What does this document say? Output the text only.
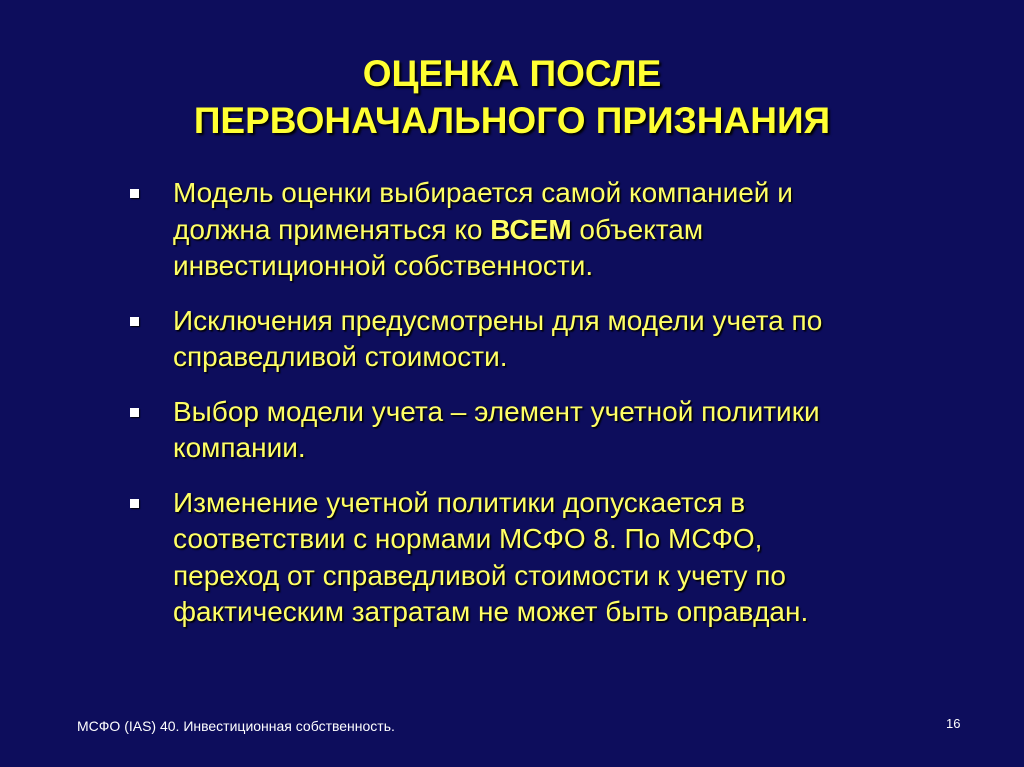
ОЦЕНКА ПОСЛЕ
ПЕРВОНАЧАЛЬНОГО ПРИЗНАНИЯ
Модель оценки выбирается самой компанией и
должна применяться ко ВСЕМ объектам
инвестиционной собственности.
Исключения предусмотрены для модели учета по
справедливой стоимости.
Выбор модели учета – элемент учетной политики
компании.
Изменение учетной политики допускается в
соответствии с нормами МСФО 8. По МСФО,
переход от справедливой стоимости к учету по
фактическим затратам не может быть оправдан.
МСФО (IAS) 40. Инвестиционная собственность.	16
